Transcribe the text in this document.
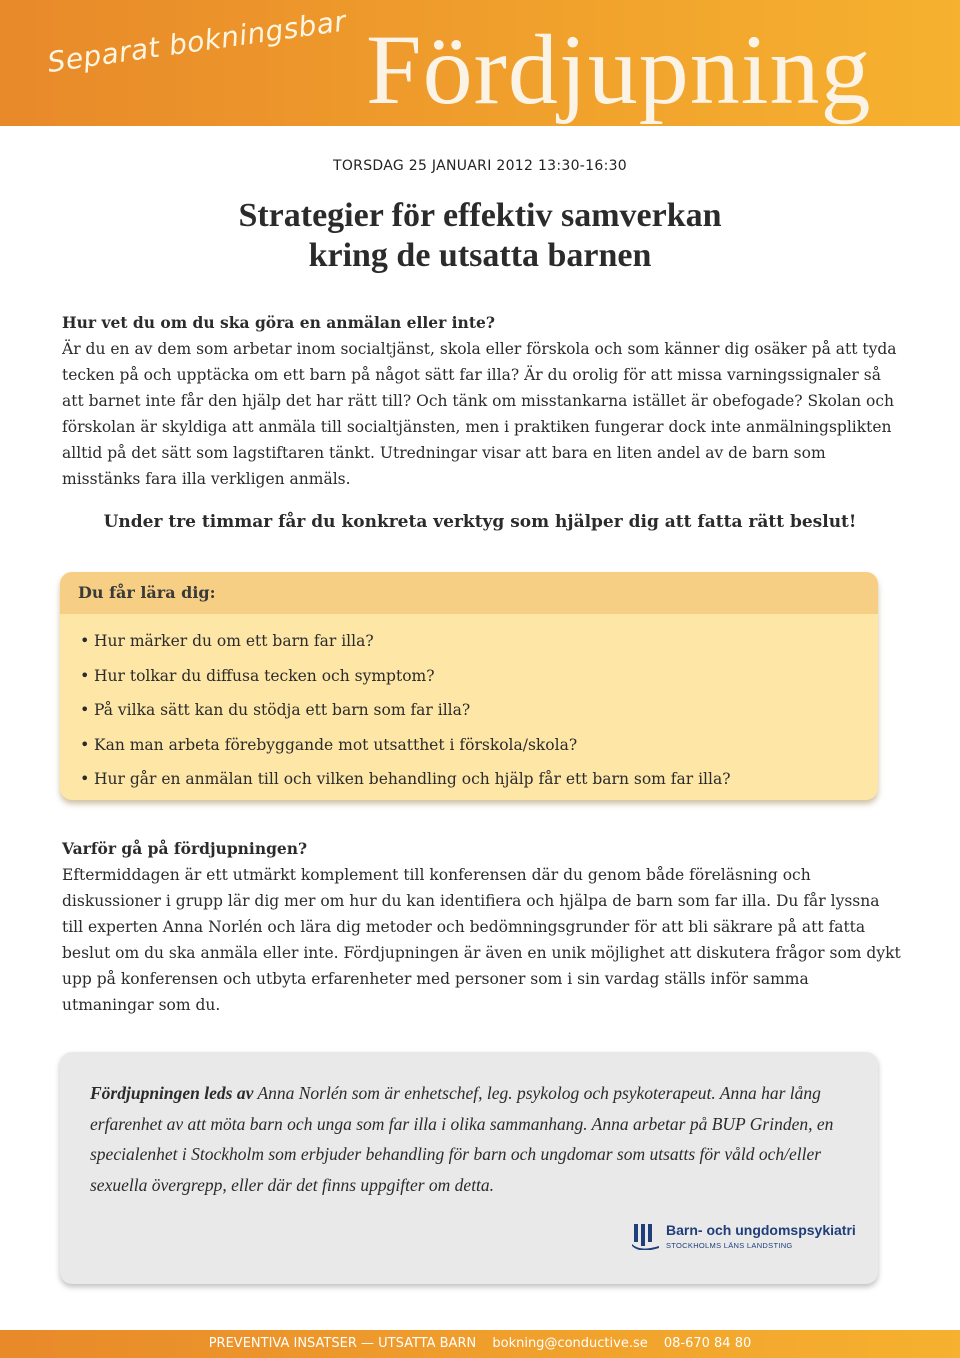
Separat bokningsbar Fördjupning
TORSDAG 25 JANUARI 2012 13:30-16:30
Strategier för effektiv samverkan
kring de utsatta barnen
Hur vet du om du ska göra en anmälan eller inte?
Är du en av dem som arbetar inom socialtjänst, skola eller förskola och som känner dig osäker på att tyda tecken på och upptäcka om ett barn på något sätt far illa? Är du orolig för att missa varningssignaler så att barnet inte får den hjälp det har rätt till? Och tänk om misstankarna istället är obefogade? Skolan och förskolan är skyldiga att anmäla till socialtjänsten, men i praktiken fungerar dock inte anmälningsplikten alltid på det sätt som lagstiftaren tänkt. Utredningar visar att bara en liten andel av de barn som misstänks fara illa verkligen anmäls.
Under tre timmar får du konkreta verktyg som hjälper dig att fatta rätt beslut!
Du får lära dig:
• Hur märker du om ett barn far illa?
• Hur tolkar du diffusa tecken och symptom?
• På vilka sätt kan du stödja ett barn som far illa?
• Kan man arbeta förebyggande mot utsatthet i förskola/skola?
• Hur går en anmälan till och vilken behandling och hjälp får ett barn som far illa?
Varför gå på fördjupningen?
Eftermiddagen är ett utmärkt komplement till konferensen där du genom både föreläsning och diskussioner i grupp lär dig mer om hur du kan identifiera och hjälpa de barn som far illa. Du får lyssna till experten Anna Norlén och lära dig metoder och bedömningsgrunder för att bli säkrare på att fatta beslut om du ska anmäla eller inte. Fördjupningen är även en unik möjlighet att diskutera frågor som dykt upp på konferensen och utbyta erfarenheter med personer som i sin vardag ställs inför samma utmaningar som du.
Fördjupningen leds av Anna Norlén som är enhetschef, leg. psykolog och psykoterapeut. Anna har lång erfarenhet av att möta barn och unga som far illa i olika sammanhang. Anna arbetar på BUP Grinden, en specialenhet i Stockholm som erbjuder behandling för barn och ungdomar som utsatts för våld och/eller sexuella övergrepp, eller där det finns uppgifter om detta.
Barn- och ungdomspsykiatri
STOCKHOLMS LÄNS LANDSTING
PREVENTIVA INSATSER — UTSATTA BARN bokning@conductive.se 08-670 84 80
